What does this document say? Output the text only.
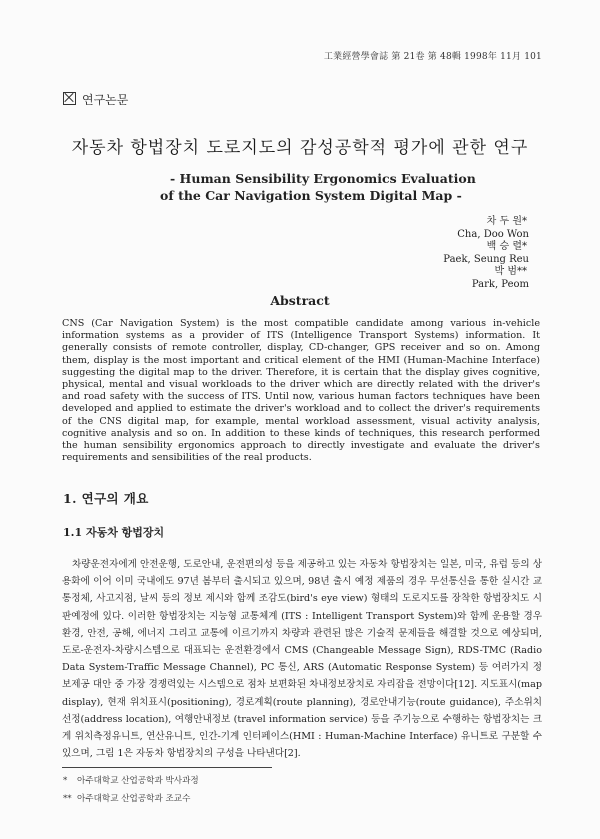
工業經營學會誌 第 21卷 第 48輯 1998年 11月 101
연구논문
자동차 항법장치 도로지도의 감성공학적 평가에 관한 연구
- Human Sensibility Ergonomics Evaluation
of the Car Navigation System Digital Map -
차 두 원*
Cha, Doo Won
백 승 렬*
Paek, Seung Reu
박 범**
Park, Peom
Abstract
CNS (Car Navigation System) is the most compatible candidate among various in-vehicle information systems as a provider of ITS (Intelligence Transport Systems) information. It generally consists of remote controller, display, CD-changer, GPS receiver and so on. Among them, display is the most important and critical element of the HMI (Human-Machine Interface) suggesting the digital map to the driver. Therefore, it is certain that the display gives cognitive, physical, mental and visual workloads to the driver which are directly related with the driver's and road safety with the success of ITS. Until now, various human factors techniques have been developed and applied to estimate the driver's workload and to collect the driver's requirements of the CNS digital map, for example, mental workload assessment, visual activity analysis, cognitive analysis and so on. In addition to these kinds of techniques, this research performed the human sensibility ergonomics approach to directly investigate and evaluate the driver's requirements and sensibilities of the real products.
1. 연구의 개요
1.1 자동차 항법장치
차량운전자에게 안전운행, 도로안내, 운전편의성 등을 제공하고 있는 자동차 항법장치는 일본, 미국, 유럽 등의 상용화에 이어 이미 국내에도 97년 봄부터 출시되고 있으며, 98년 출시 예정 제품의 경우 무선통신을 통한 실시간 교통정체, 사고지점, 날씨 등의 정보 제시와 함께 조감도(bird's eye view) 형태의 도로지도를 장착한 항법장치도 시판예정에 있다. 이러한 항법장치는 지능형 교통체계 (ITS : Intelligent Transport System)와 함께 운용할 경우 환경, 안전, 공해, 에너지 그리고 교통에 이르기까지 차량과 관련된 많은 기술적 문제들을 해결할 것으로 예상되며, 도로-운전자-차량시스템으로 대표되는 운전환경에서 CMS (Changeable Message Sign), RDS-TMC (Radio Data System-Traffic Message Channel), PC 통신, ARS (Automatic Response System) 등 여러가지 정보제공 대안 중 가장 경쟁력있는 시스템으로 점차 보편화된 차내정보장치로 자리잡을 전망이다[12]. 지도표시(map display), 현재 위치표시(positioning), 경로계획(route planning), 경로안내기능(route guidance), 주소위치선정(address location), 여행안내정보 (travel information service) 등을 주기능으로 수행하는 항법장치는 크게 위치측정유니트, 연산유니트, 인간-기계 인터페이스(HMI : Human-Machine Interface) 유니트로 구분할 수 있으며, 그림 1은 자동차 항법장치의 구성을 나타낸다[2].
* 아주대학교 산업공학과 박사과정
** 아주대학교 산업공학과 조교수
